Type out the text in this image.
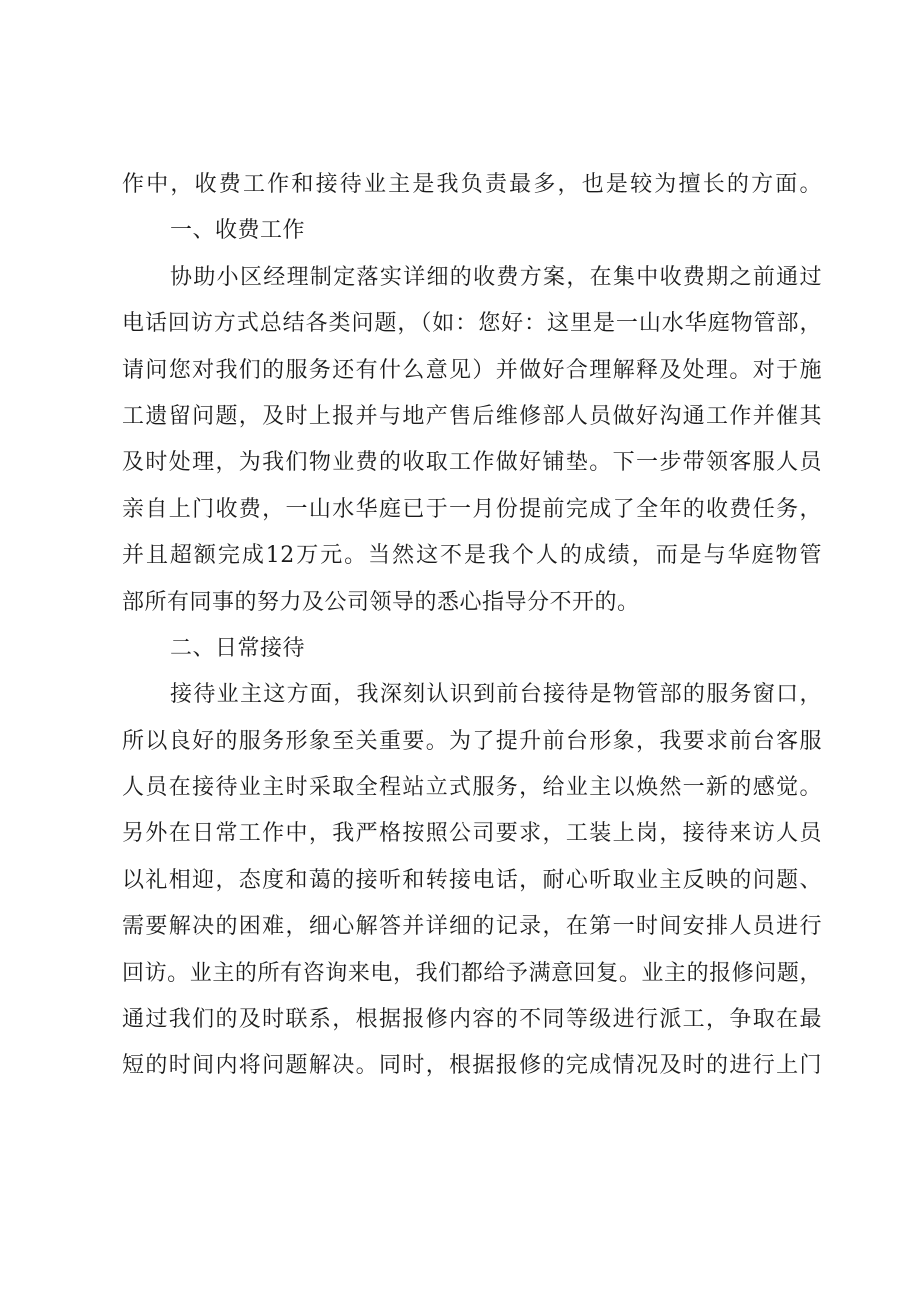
作中，收费工作和接待业主是我负责最多，也是较为擅长的方面。
一、收费工作
协助小区经理制定落实详细的收费方案，在集中收费期之前通过
电话回访方式总结各类问题，（如：您好：这里是一山水华庭物管部，
请问您对我们的服务还有什么意见）并做好合理解释及处理。对于施
工遗留问题，及时上报并与地产售后维修部人员做好沟通工作并催其
及时处理，为我们物业费的收取工作做好铺垫。下一步带领客服人员
亲自上门收费，一山水华庭已于一月份提前完成了全年的收费任务，
并且超额完成12万元。当然这不是我个人的成绩，而是与华庭物管
部所有同事的努力及公司领导的悉心指导分不开的。
二、日常接待
接待业主这方面，我深刻认识到前台接待是物管部的服务窗口，
所以良好的服务形象至关重要。为了提升前台形象，我要求前台客服
人员在接待业主时采取全程站立式服务，给业主以焕然一新的感觉。
另外在日常工作中，我严格按照公司要求，工装上岗，接待来访人员
以礼相迎，态度和蔼的接听和转接电话，耐心听取业主反映的问题、
需要解决的困难，细心解答并详细的记录，在第一时间安排人员进行
回访。业主的所有咨询来电，我们都给予满意回复。业主的报修问题，
通过我们的及时联系，根据报修内容的不同等级进行派工，争取在最
短的时间内将问题解决。同时，根据报修的完成情况及时的进行上门
